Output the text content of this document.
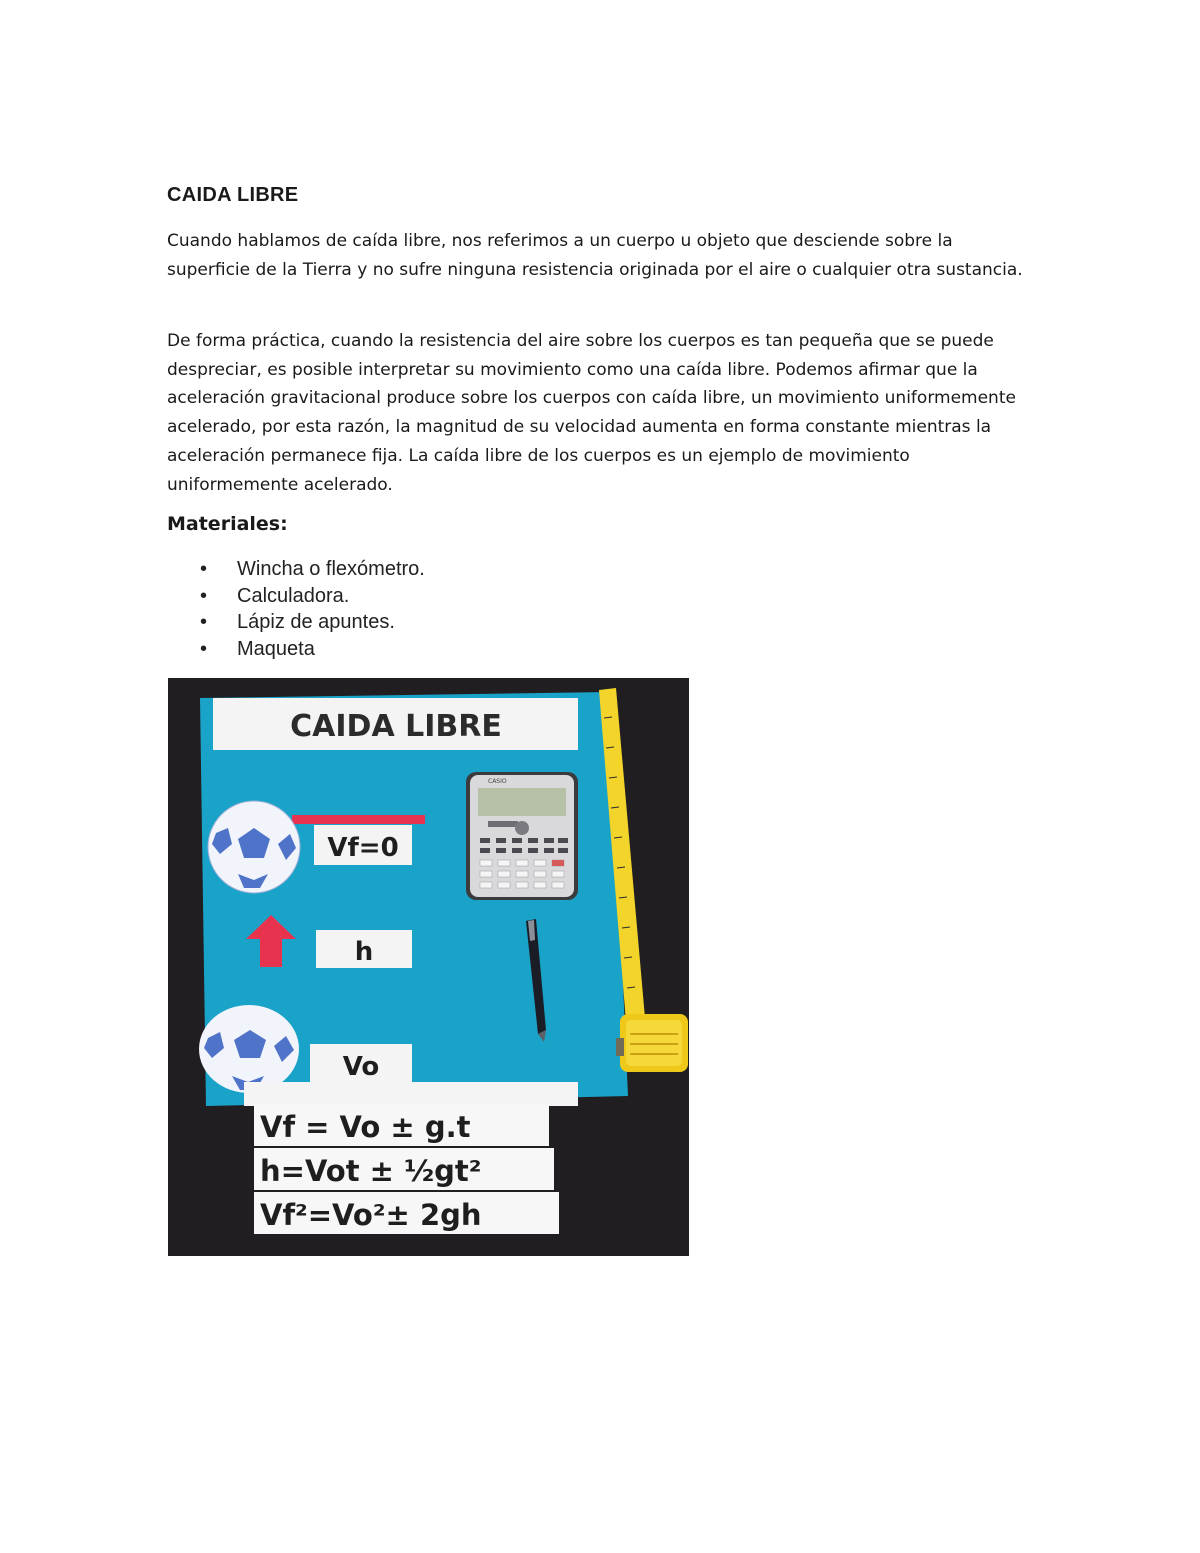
CAIDA LIBRE

Cuando hablamos de caída libre, nos referimos a un cuerpo u objeto que desciende sobre la superficie de la Tierra y no sufre ninguna resistencia originada por el aire o cualquier otra sustancia.

De forma práctica, cuando la resistencia del aire sobre los cuerpos es tan pequeña que se puede despreciar, es posible interpretar su movimiento como una caída libre. Podemos afirmar que la aceleración gravitacional produce sobre los cuerpos con caída libre, un movimiento uniformemente acelerado, por esta razón, la magnitud de su velocidad aumenta en forma constante mientras la aceleración permanece fija. La caída libre de los cuerpos es un ejemplo de movimiento uniformemente acelerado.

Materiales:
• Wincha o flexómetro.
• Calculadora.
• Lápiz de apuntes.
• Maqueta
CAIDA LIBRE
Vf=0
h
Vo
CASIO
Vf = Vo ± g.t
h=Vot ± ½gt²
Vf²=Vo²± 2gh
